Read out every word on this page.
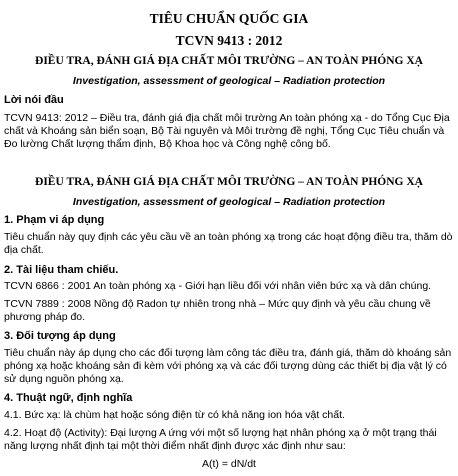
TIÊU CHUẨN QUỐC GIA

TCVN 9413 : 2012

ĐIỀU TRA, ĐÁNH GIÁ ĐỊA CHẤT MÔI TRƯỜNG – AN TOÀN PHÓNG XẠ

Investigation, assessment of geological – Radiation protection

Lời nói đầu

TCVN 9413: 2012 – Điều tra, đánh giá địa chất môi trường An toàn phóng xạ - do Tổng Cục Địa chất và Khoáng sản biển soạn, Bộ Tài nguyên và Môi trường đề nghị, Tổng Cục Tiêu chuẩn và Đo lường Chất lượng thẩm định, Bộ Khoa học và Công nghệ công bố.

ĐIỀU TRA, ĐÁNH GIÁ ĐỊA CHẤT MÔI TRƯỜNG – AN TOÀN PHÓNG XẠ

Investigation, assessment of geological – Radiation protection

1. Phạm vi áp dụng

Tiêu chuẩn này quy định các yêu cầu về an toàn phóng xạ trong các hoạt động điều tra, thăm dò địa chất.

2. Tài liệu tham chiếu.

TCVN 6866 : 2001 An toàn phóng xạ - Giới hạn liều đối với nhân viên bức xạ và dân chúng.

TCVN 7889 : 2008 Nồng độ Radon tự nhiên trong nhà – Mức quy định và yêu cầu chung về phương pháp đo.

3. Đối tượng áp dụng

Tiêu chuẩn này áp dụng cho các đối tượng làm công tác điều tra, đánh giá, thăm dò khoáng sản phóng xạ hoặc khoáng sản đi kèm với phóng xạ và các đối tượng dùng các thiết bị địa vật lý có sử dụng nguồn phóng xạ.

4. Thuật ngữ, định nghĩa

4.1. Bức xạ: là chùm hạt hoặc sóng điện từ có khả năng ion hóa vật chất.

4.2. Hoạt độ (Activity): Đại lượng A ứng với một số lượng hạt nhân phóng xạ ở một trạng thái năng lượng nhất định tại một thời điểm nhất định được xác định như sau:

A(t) = dN/dt
